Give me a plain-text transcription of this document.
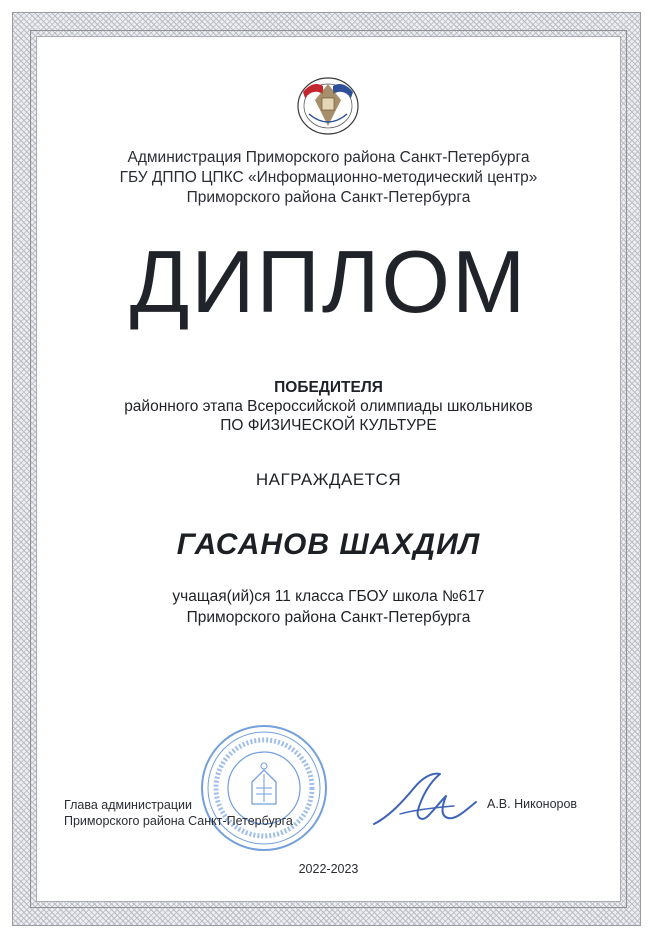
Администрация Приморского района Санкт-Петербурга
ГБУ ДППО ЦПКС «Информационно-методический центр»
Приморского района Санкт-Петербурга
ДИПЛОМ
ПОБЕДИТЕЛЯ
районного этапа Всероссийской олимпиады школьников
ПО ФИЗИЧЕСКОЙ КУЛЬТУРЕ
НАГРАЖДАЕТСЯ
ГАСАНОВ ШАХДИЛ
учащая(ий)ся 11 класса ГБОУ школа №617
Приморского района Санкт-Петербурга
Глава администрации
Приморского района Санкт-Петербурга
А.В. Никоноров
2022-2023
